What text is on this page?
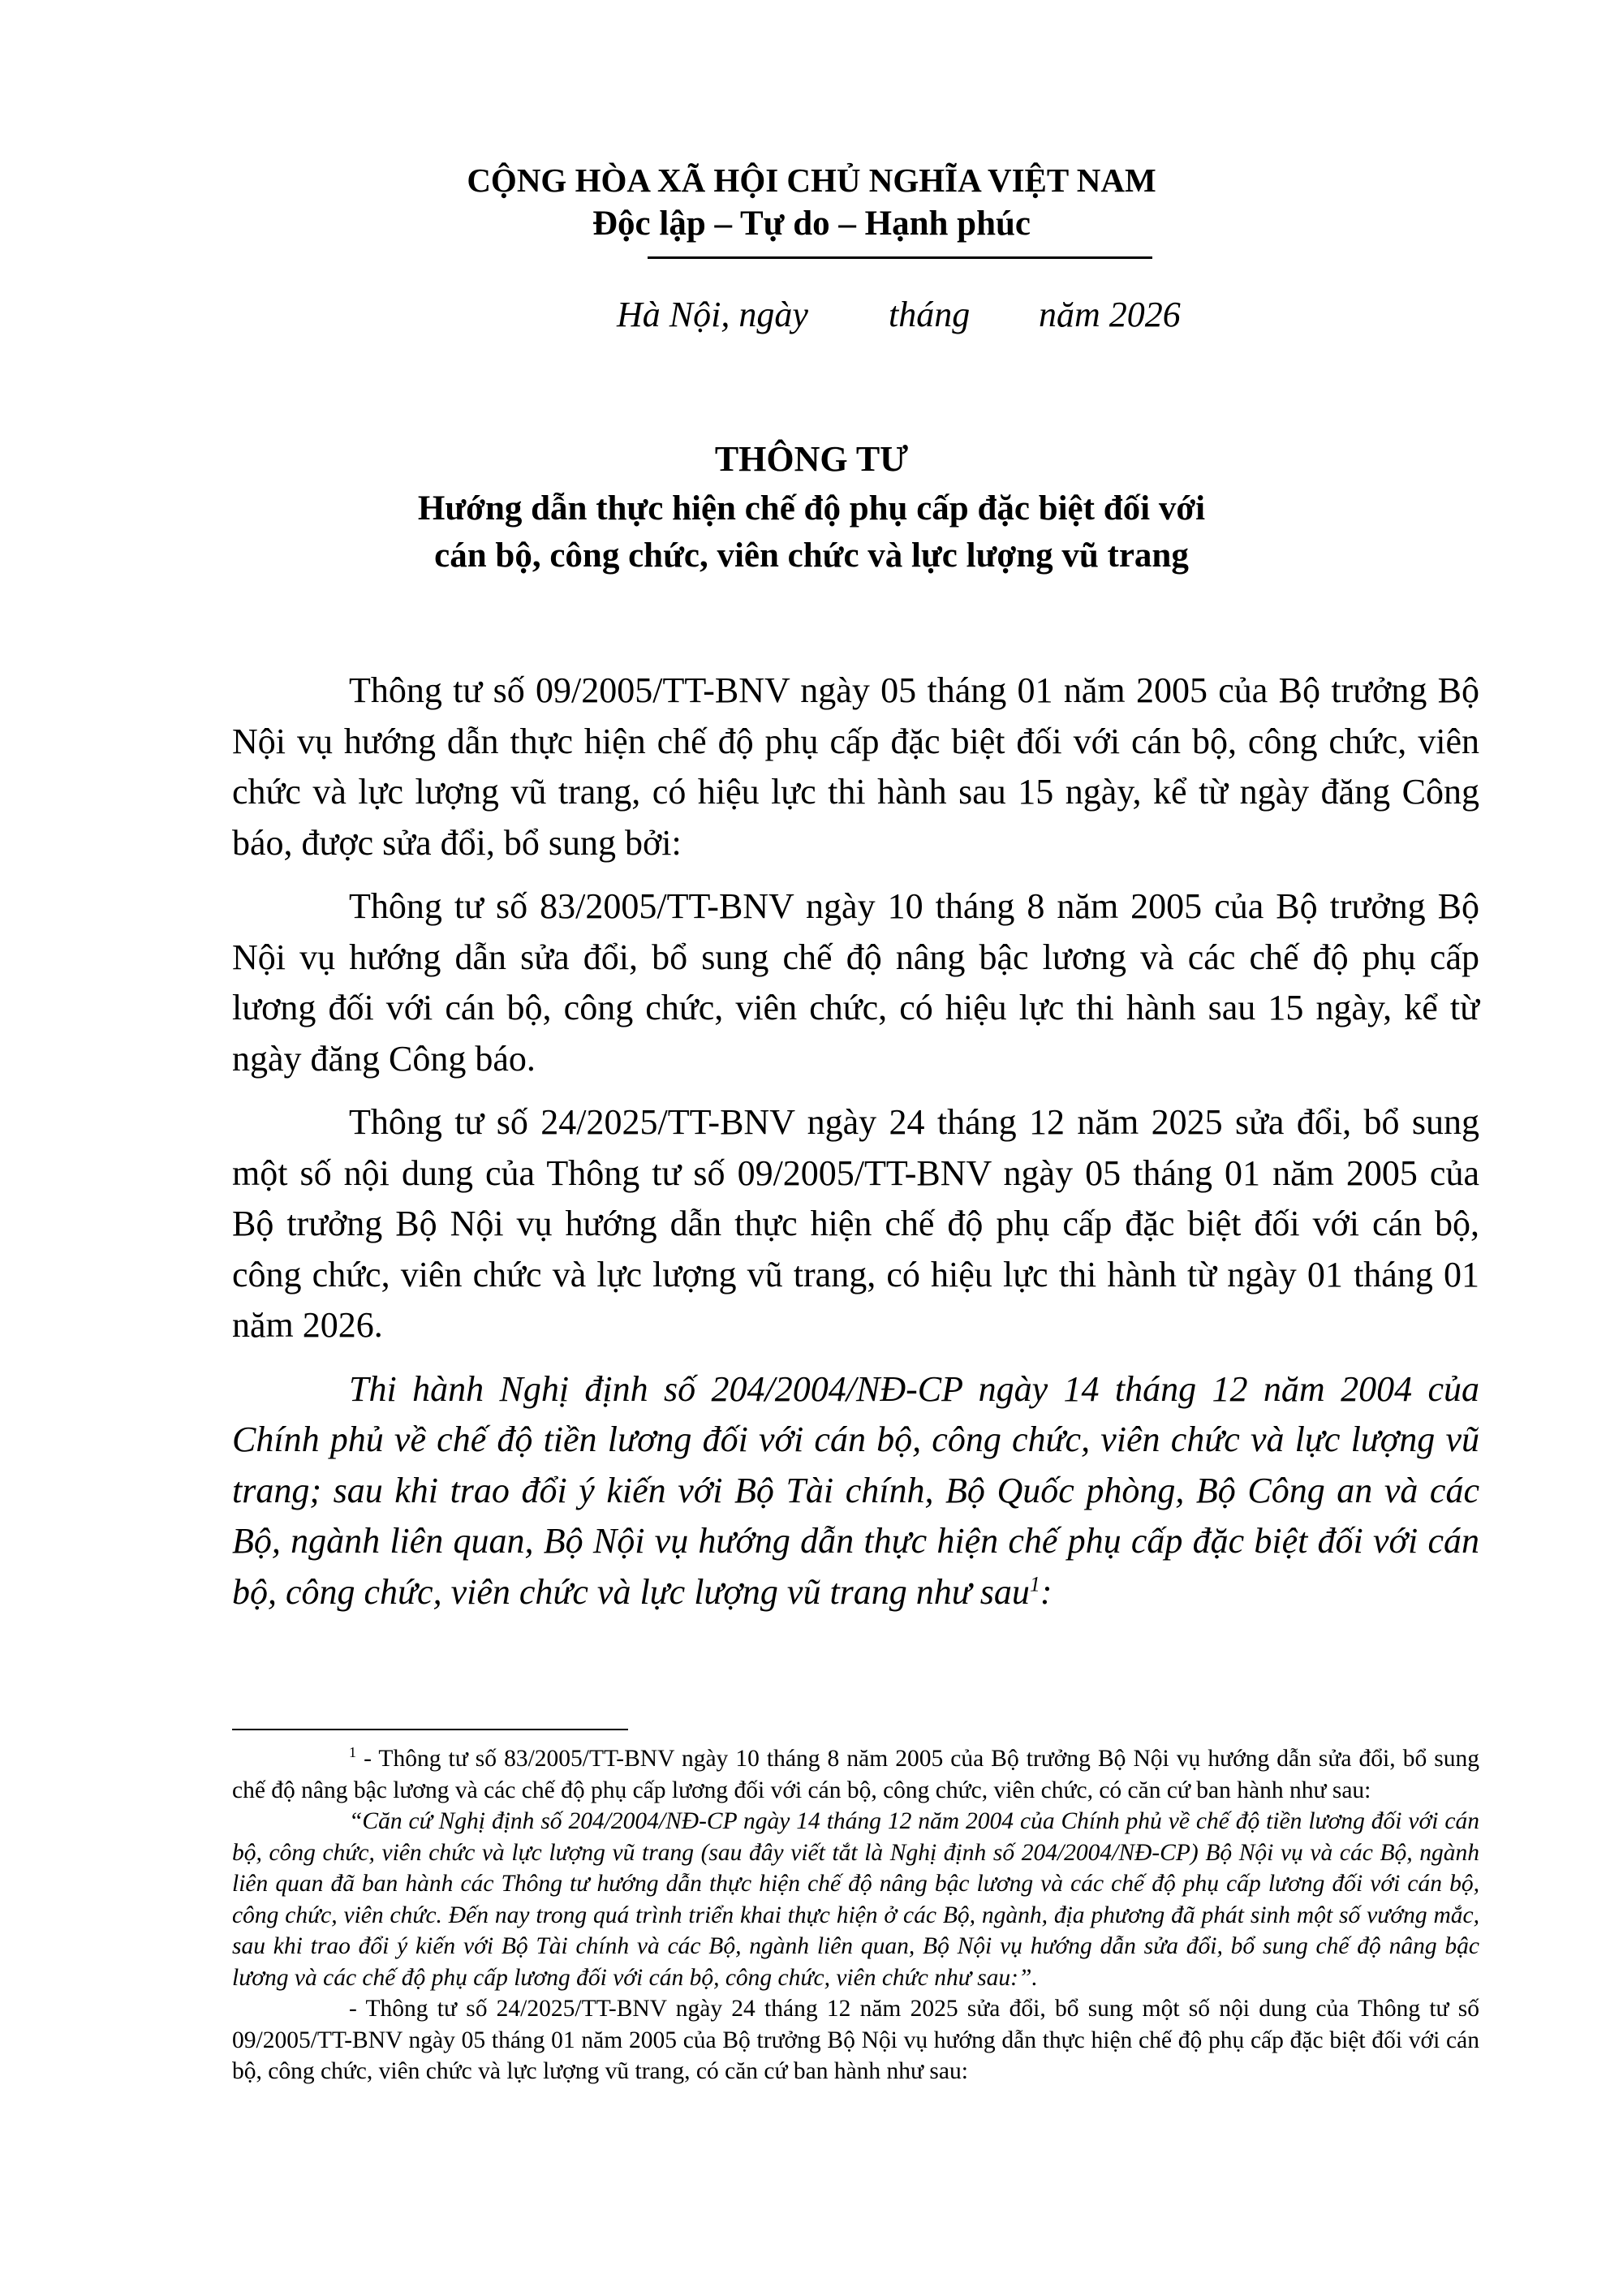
CỘNG HÒA XÃ HỘI CHỦ NGHĨA VIỆT NAM
Độc lập – Tự do – Hạnh phúc

Hà Nội, ngày

tháng

năm 2026

THÔNG TƯ
Hướng dẫn thực hiện chế độ phụ cấp đặc biệt đối với
cán bộ, công chức, viên chức và lực lượng vũ trang

Thông tư số 09/2005/TT-BNV ngày 05 tháng 01 năm 2005 của Bộ trưởng Bộ Nội vụ hướng dẫn thực hiện chế độ phụ cấp đặc biệt đối với cán bộ, công chức, viên chức và lực lượng vũ trang, có hiệu lực thi hành sau 15 ngày, kể từ ngày đăng Công báo, được sửa đổi, bổ sung bởi:

Thông tư số 83/2005/TT-BNV ngày 10 tháng 8 năm 2005 của Bộ trưởng Bộ Nội vụ hướng dẫn sửa đổi, bổ sung chế độ nâng bậc lương và các chế độ phụ cấp lương đối với cán bộ, công chức, viên chức, có hiệu lực thi hành sau 15 ngày, kể từ ngày đăng Công báo.

Thông tư số 24/2025/TT-BNV ngày 24 tháng 12 năm 2025 sửa đổi, bổ sung một số nội dung của Thông tư số 09/2005/TT-BNV ngày 05 tháng 01 năm 2005 của Bộ trưởng Bộ Nội vụ hướng dẫn thực hiện chế độ phụ cấp đặc biệt đối với cán bộ, công chức, viên chức và lực lượng vũ trang, có hiệu lực thi hành từ ngày 01 tháng 01 năm 2026.

Thi hành Nghị định số 204/2004/NĐ-CP ngày 14 tháng 12 năm 2004 của Chính phủ về chế độ tiền lương đối với cán bộ, công chức, viên chức và lực lượng vũ trang; sau khi trao đổi ý kiến với Bộ Tài chính, Bộ Quốc phòng, Bộ Công an và các Bộ, ngành liên quan, Bộ Nội vụ hướng dẫn thực hiện chế phụ cấp đặc biệt đối với cán bộ, công chức, viên chức và lực lượng vũ trang như sau$^1$:

$^1$ - Thông tư số 83/2005/TT-BNV ngày 10 tháng 8 năm 2005 của Bộ trưởng Bộ Nội vụ hướng dẫn sửa đổi, bổ sung chế độ nâng bậc lương và các chế độ phụ cấp lương đối với cán bộ, công chức, viên chức, có căn cứ ban hành như sau:

“Căn cứ Nghị định số 204/2004/NĐ-CP ngày 14 tháng 12 năm 2004 của Chính phủ về chế độ tiền lương đối với cán bộ, công chức, viên chức và lực lượng vũ trang (sau đây viết tắt là Nghị định số 204/2004/NĐ-CP) Bộ Nội vụ và các Bộ, ngành liên quan đã ban hành các Thông tư hướng dẫn thực hiện chế độ nâng bậc lương và các chế độ phụ cấp lương đối với cán bộ, công chức, viên chức. Đến nay trong quá trình triển khai thực hiện ở các Bộ, ngành, địa phương đã phát sinh một số vướng mắc, sau khi trao đổi ý kiến với Bộ Tài chính và các Bộ, ngành liên quan, Bộ Nội vụ hướng dẫn sửa đổi, bổ sung chế độ nâng bậc lương và các chế độ phụ cấp lương đối với cán bộ, công chức, viên chức như sau:”.

- Thông tư số 24/2025/TT-BNV ngày 24 tháng 12 năm 2025 sửa đổi, bổ sung một số nội dung của Thông tư số 09/2005/TT-BNV ngày 05 tháng 01 năm 2005 của Bộ trưởng Bộ Nội vụ hướng dẫn thực hiện chế độ phụ cấp đặc biệt đối với cán bộ, công chức, viên chức và lực lượng vũ trang, có căn cứ ban hành như sau:
